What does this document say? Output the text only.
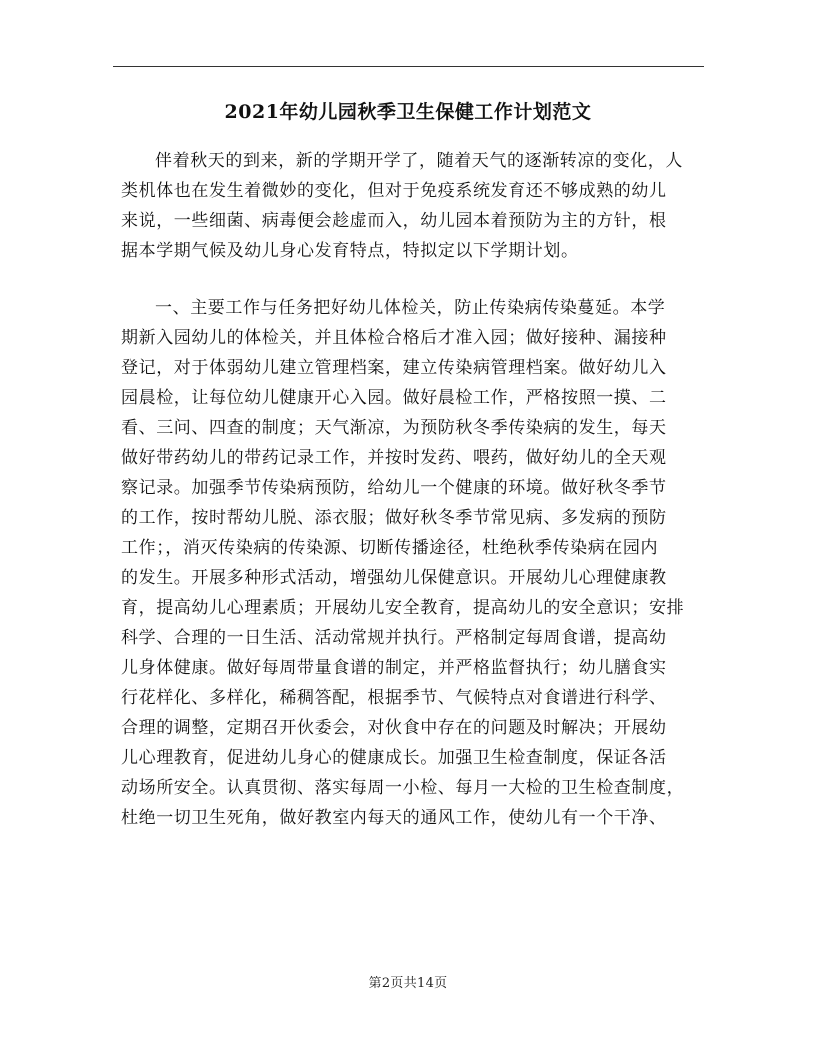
2021年幼儿园秋季卫生保健工作计划范文

伴着秋天的到来，新的学期开学了，随着天气的逐渐转凉的变化，人
类机体也在发生着微妙的变化，但对于免疫系统发育还不够成熟的幼儿
来说，一些细菌、病毒便会趁虚而入，幼儿园本着预防为主的方针，根
据本学期气候及幼儿身心发育特点，特拟定以下学期计划。

一、主要工作与任务把好幼儿体检关，防止传染病传染蔓延。本学
期新入园幼儿的体检关，并且体检合格后才准入园；做好接种、漏接种
登记，对于体弱幼儿建立管理档案，建立传染病管理档案。做好幼儿入
园晨检，让每位幼儿健康开心入园。做好晨检工作，严格按照一摸、二
看、三问、四查的制度；天气渐凉，为预防秋冬季传染病的发生，每天
做好带药幼儿的带药记录工作，并按时发药、喂药，做好幼儿的全天观
察记录。加强季节传染病预防，给幼儿一个健康的环境。做好秋冬季节
的工作，按时帮幼儿脱、添衣服；做好秋冬季节常见病、多发病的预防
工作；，消灭传染病的传染源、切断传播途径，杜绝秋季传染病在园内
的发生。开展多种形式活动，增强幼儿保健意识。开展幼儿心理健康教
育，提高幼儿心理素质；开展幼儿安全教育，提高幼儿的安全意识；安排
科学、合理的一日生活、活动常规并执行。严格制定每周食谱，提高幼
儿身体健康。做好每周带量食谱的制定，并严格监督执行；幼儿膳食实
行花样化、多样化，稀稠答配，根据季节、气候特点对食谱进行科学、
合理的调整，定期召开伙委会，对伙食中存在的问题及时解决；开展幼
儿心理教育，促进幼儿身心的健康成长。加强卫生检查制度，保证各活
动场所安全。认真贯彻、落实每周一小检、每月一大检的卫生检查制度，
杜绝一切卫生死角，做好教室内每天的通风工作，使幼儿有一个干净、

第2页共14页
